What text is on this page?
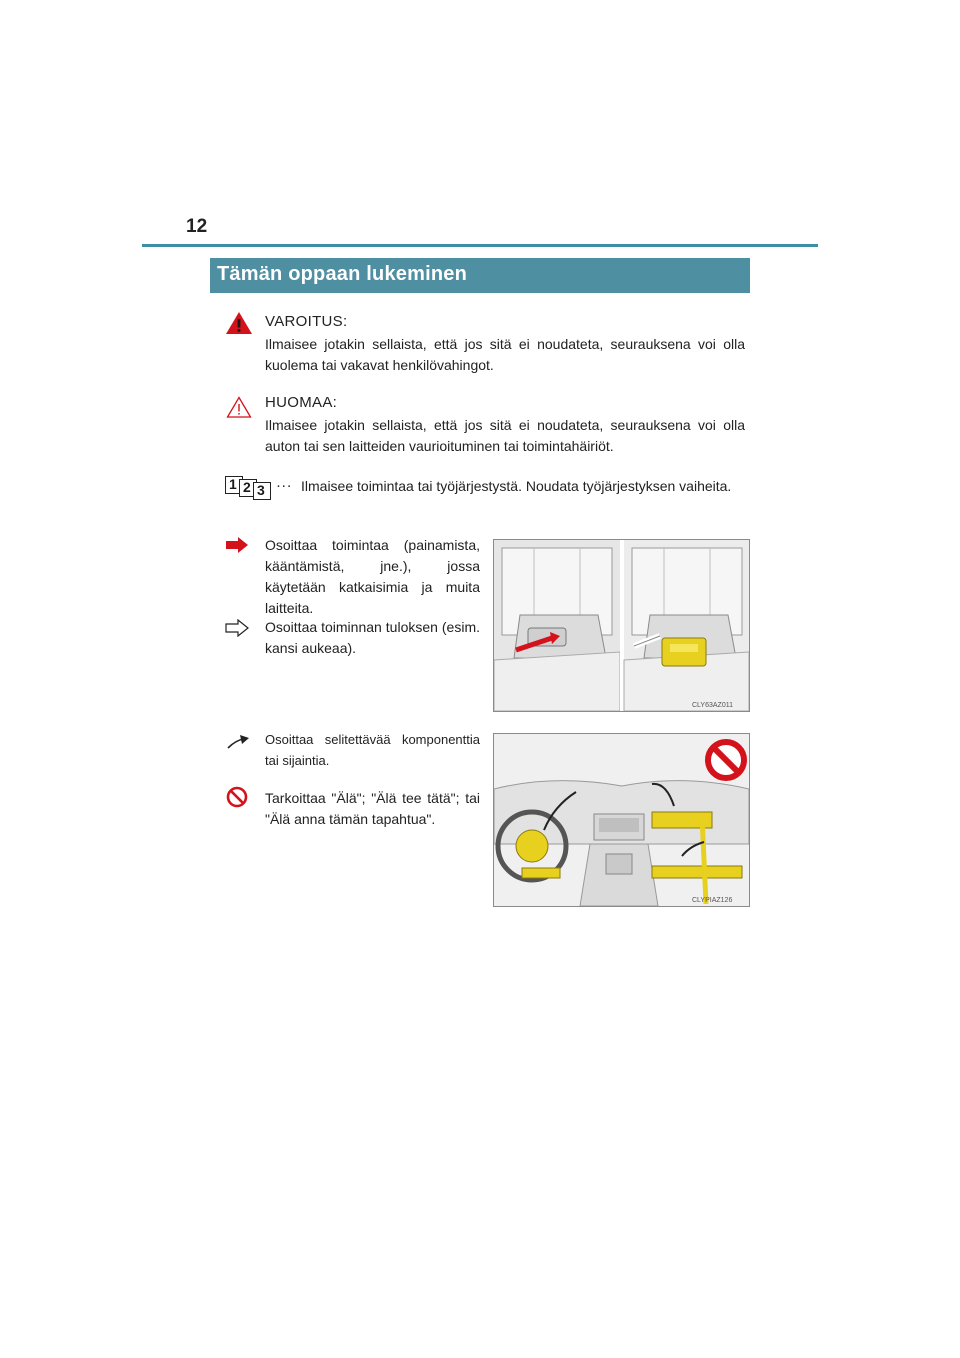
12
Tämän oppaan lukeminen
VAROITUS:
Ilmaisee jotakin sellaista, että jos sitä ei noudateta, seurauksena voi olla kuolema tai vakavat henkilövahingot.
HUOMAA:
Ilmaisee jotakin sellaista, että jos sitä ei noudateta, seurauksena voi olla auton tai sen laitteiden vaurioituminen tai toimintahäiriöt.
1 2 3 ··· Ilmaisee toimintaa tai työjärjestystä. Noudata työjärjestyksen vaiheita.
Osoittaa toimintaa (painamista, kääntämistä, jne.), jossa käytetään katkaisimia ja muita laitteita.
Osoittaa toiminnan tuloksen (esim. kansi aukeaa).
CLY63AZ011
Osoittaa selitettävää komponenttia tai sijaintia.
Tarkoittaa "Älä"; "Älä tee tätä"; tai "Älä anna tämän tapahtua".
CLYPIAZ126
